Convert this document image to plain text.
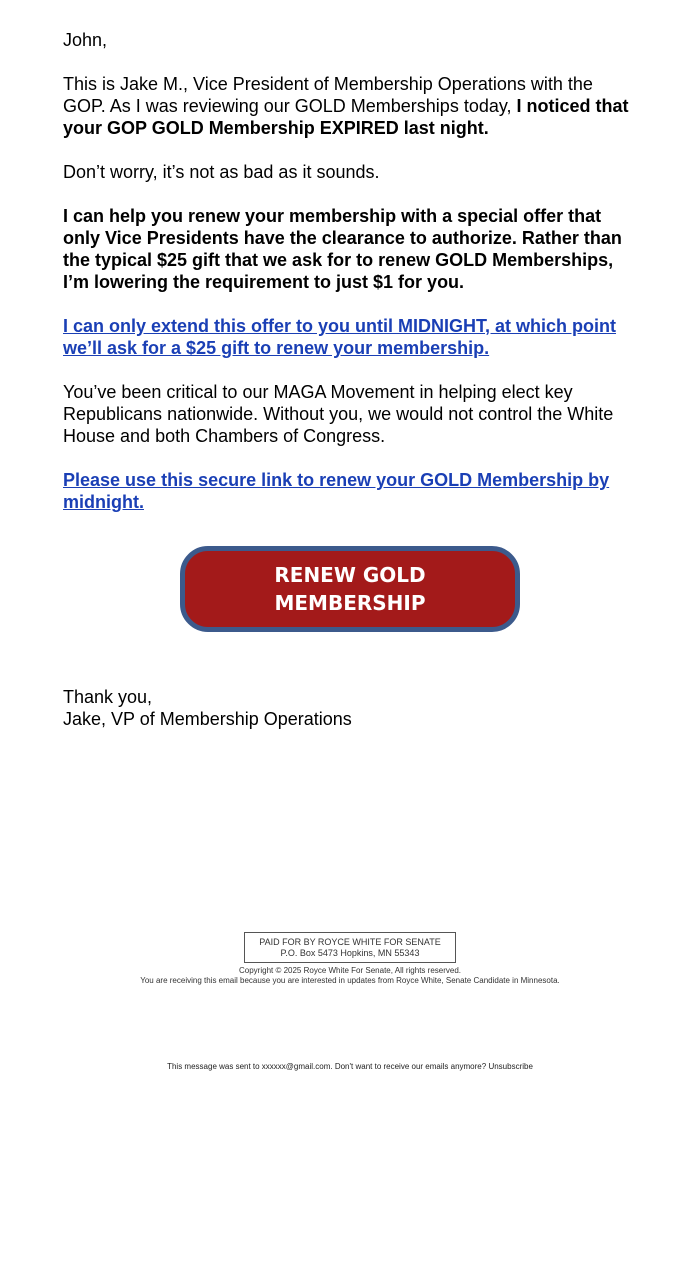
John,

This is Jake M., Vice President of Membership Operations with the GOP. As I was reviewing our GOLD Memberships today, I noticed that your GOP GOLD Membership EXPIRED last night.

Don’t worry, it’s not as bad as it sounds.

I can help you renew your membership with a special offer that only Vice Presidents have the clearance to authorize. Rather than the typical $25 gift that we ask for to renew GOLD Memberships, I’m lowering the requirement to just $1 for you.

I can only extend this offer to you until MIDNIGHT, at which point we’ll ask for a $25 gift to renew your membership.

You’ve been critical to our MAGA Movement in helping elect key Republicans nationwide. Without you, we would not control the White House and both Chambers of Congress.

Please use this secure link to renew your GOLD Membership by midnight.

RENEW GOLD MEMBERSHIP
Thank you,
Jake, VP of Membership Operations
PAID FOR BY ROYCE WHITE FOR SENATE
P.O. Box 5473 Hopkins, MN 55343
Copyright © 2025 Royce White For Senate, All rights reserved.
You are receiving this email because you are interested in updates from Royce White, Senate Candidate in Minnesota.
This message was sent to xxxxxx@gmail.com. Don't want to receive our emails anymore? Unsubscribe
